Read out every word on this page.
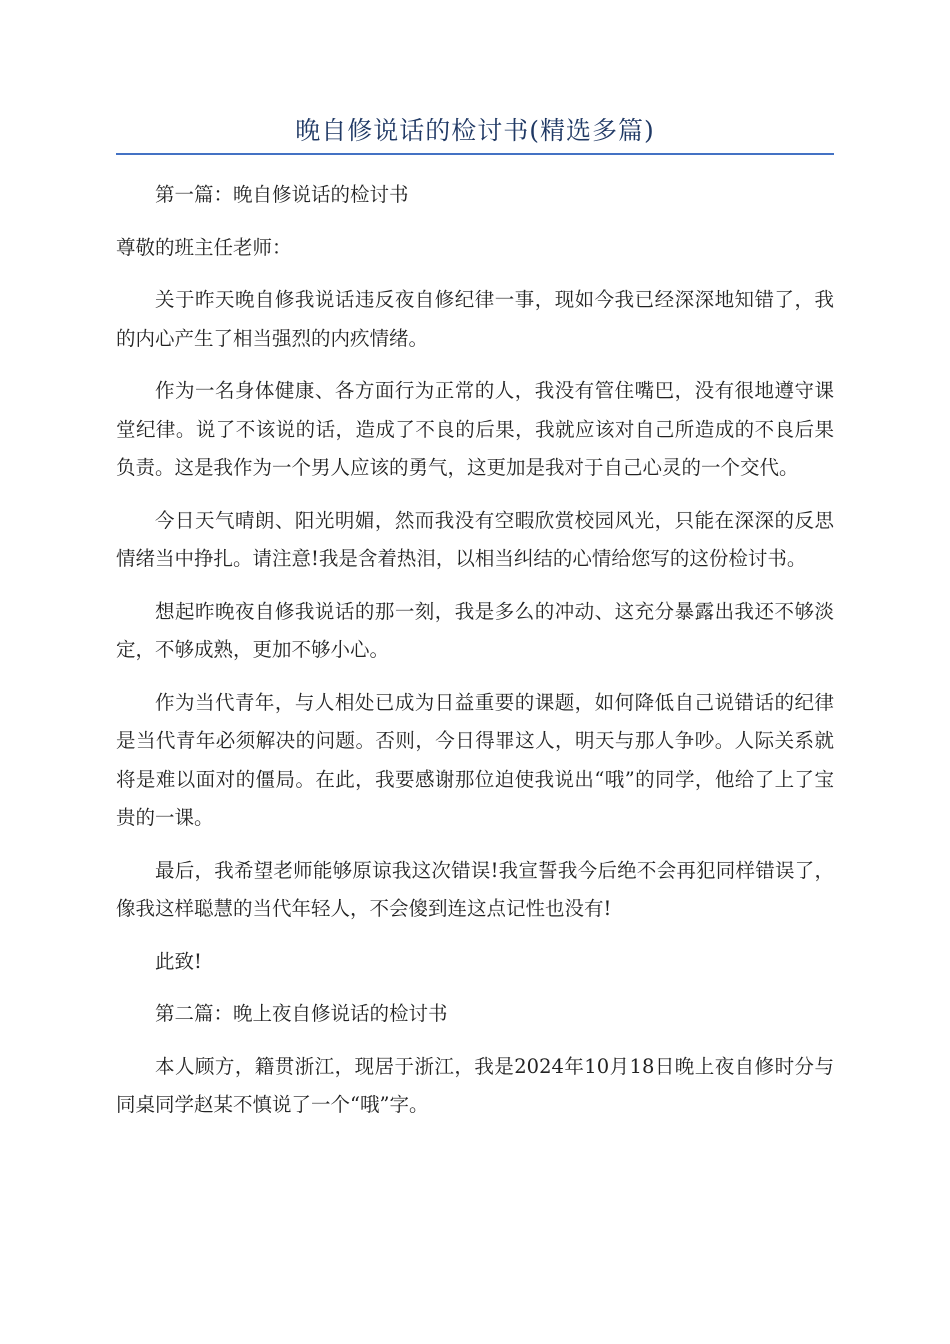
晚自修说话的检讨书(精选多篇)

第一篇：晚自修说话的检讨书

尊敬的班主任老师：

关于昨天晚自修我说话违反夜自修纪律一事，现如今我已经深深地知错了，我的内心产生了相当强烈的内疚情绪。

作为一名身体健康、各方面行为正常的人，我没有管住嘴巴，没有很地遵守课堂纪律。说了不该说的话，造成了不良的后果，我就应该对自己所造成的不良后果负责。这是我作为一个男人应该的勇气，这更加是我对于自己心灵的一个交代。

今日天气晴朗、阳光明媚，然而我没有空暇欣赏校园风光，只能在深深的反思情绪当中挣扎。请注意!我是含着热泪，以相当纠结的心情给您写的这份检讨书。

想起昨晚夜自修我说话的那一刻，我是多么的冲动、这充分暴露出我还不够淡定，不够成熟，更加不够小心。

作为当代青年，与人相处已成为日益重要的课题，如何降低自己说错话的纪律是当代青年必须解决的问题。否则，今日得罪这人，明天与那人争吵。人际关系就将是难以面对的僵局。在此，我要感谢那位迫使我说出“哦”的同学，他给了上了宝贵的一课。

最后，我希望老师能够原谅我这次错误!我宣誓我今后绝不会再犯同样错误了，像我这样聪慧的当代年轻人，不会傻到连这点记性也没有!

此致!

第二篇：晚上夜自修说话的检讨书

本人顾方，籍贯浙江，现居于浙江，我是2024年10月18日晚上夜自修时分与同桌同学赵某不慎说了一个“哦”字。
